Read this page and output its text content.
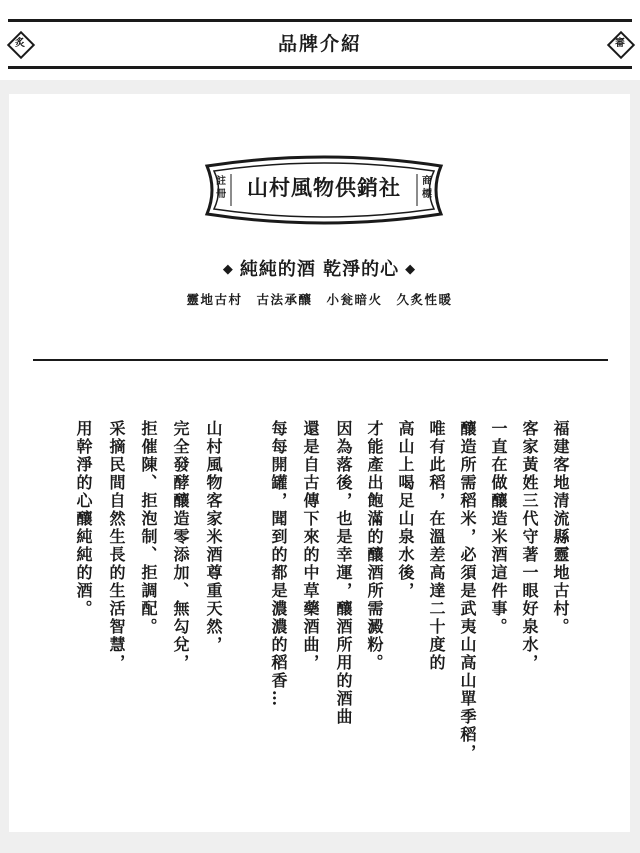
炙	品牌介紹	審
註冊	山村風物供銷社	商標
◆ 純純的酒 乾淨的心 ◆
靈地古村　古法承釀　小瓮暗火　久炙性暖
福建客地清流縣靈地古村。
客家黃姓三代守著一眼好泉水，
一直在做釀造米酒這件事。
釀造所需稻米，必須是武夷山高山單季稻，
唯有此稻，在溫差高達二十度的
高山上喝足山泉水後，
才能產出飽滿的釀酒所需澱粉。
因為落後，也是幸運，釀酒所用的酒曲
還是自古傳下來的中草藥酒曲，
每每開罐，聞到的都是濃濃的稻香…
山村風物客家米酒尊重天然，
完全發酵釀造零添加、無勾兌，
拒催陳、拒泡制、拒調配。
采摘民間自然生長的生活智慧，
用幹淨的心釀純純的酒。
